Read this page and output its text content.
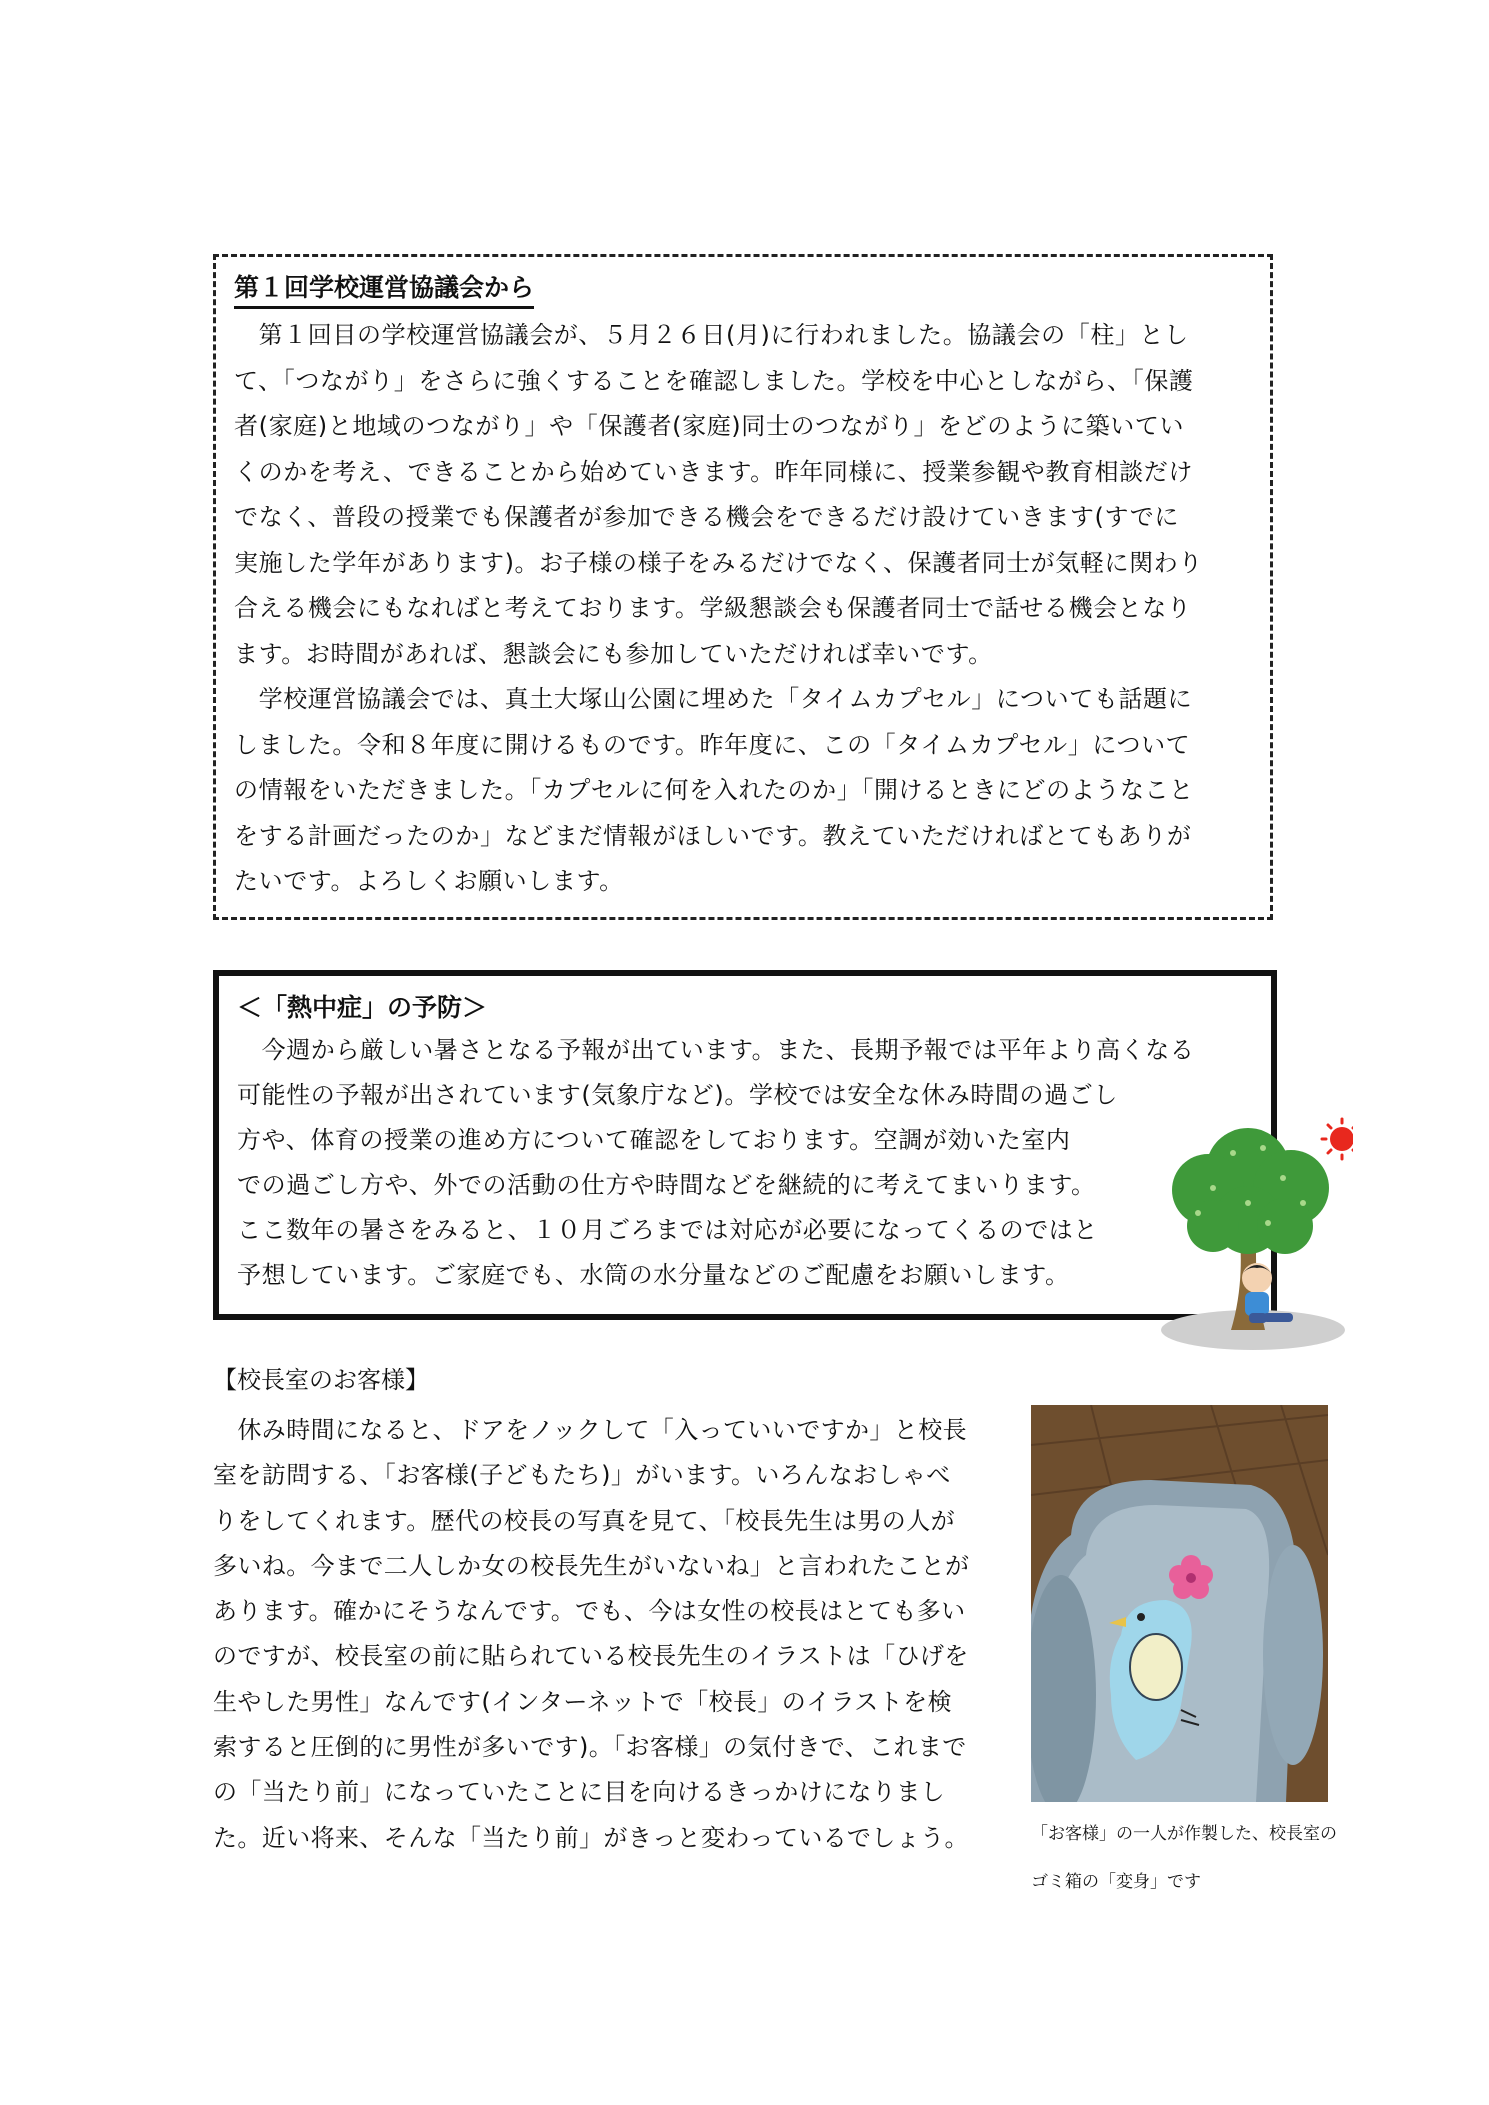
第１回学校運営協議会から
　第１回目の学校運営協議会が、５月２６日(月)に行われました。協議会の「柱」とし
て、「つながり」をさらに強くすることを確認しました。学校を中心としながら、「保護
者(家庭)と地域のつながり」や「保護者(家庭)同士のつながり」をどのように築いてい
くのかを考え、できることから始めていきます。昨年同様に、授業参観や教育相談だけ
でなく、普段の授業でも保護者が参加できる機会をできるだけ設けていきます(すでに
実施した学年があります)。お子様の様子をみるだけでなく、保護者同士が気軽に関わり
合える機会にもなればと考えております。学級懇談会も保護者同士で話せる機会となり
ます。お時間があれば、懇談会にも参加していただければ幸いです。
　学校運営協議会では、真土大塚山公園に埋めた「タイムカプセル」についても話題に
しました。令和８年度に開けるものです。昨年度に、この「タイムカプセル」について
の情報をいただきました。「カプセルに何を入れたのか」「開けるときにどのようなこと
をする計画だったのか」などまだ情報がほしいです。教えていただければとてもありが
たいです。よろしくお願いします。
＜「熱中症」の予防＞
　今週から厳しい暑さとなる予報が出ています。また、長期予報では平年より高くなる
可能性の予報が出されています(気象庁など)。学校では安全な休み時間の過ごし
方や、体育の授業の進め方について確認をしております。空調が効いた室内
での過ごし方や、外での活動の仕方や時間などを継続的に考えてまいります。
ここ数年の暑さをみると、１０月ごろまでは対応が必要になってくるのではと
予想しています。ご家庭でも、水筒の水分量などのご配慮をお願いします。
【校長室のお客様】
　休み時間になると、ドアをノックして「入っていいですか」と校長
室を訪問する、「お客様(子どもたち)」がいます。いろんなおしゃべ
りをしてくれます。歴代の校長の写真を見て、「校長先生は男の人が
多いね。今まで二人しか女の校長先生がいないね」と言われたことが
あります。確かにそうなんです。でも、今は女性の校長はとても多い
のですが、校長室の前に貼られている校長先生のイラストは「ひげを
生やした男性」なんです(インターネットで「校長」のイラストを検
索すると圧倒的に男性が多いです)。「お客様」の気付きで、これまで
の「当たり前」になっていたことに目を向けるきっかけになりまし
た。近い将来、そんな「当たり前」がきっと変わっているでしょう。	「お客様」の一人が作製した、校長室の
ゴミ箱の「変身」です
